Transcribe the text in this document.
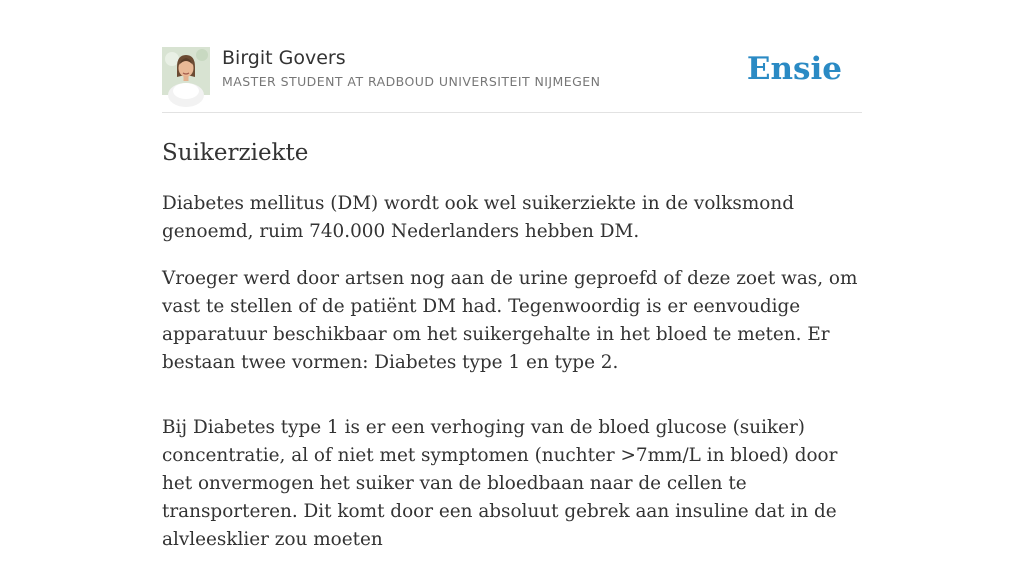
Birgit Govers
MASTER STUDENT AT RADBOUD UNIVERSITEIT NIJMEGEN	Ensie
Suikerziekte

Diabetes mellitus (DM) wordt ook wel suikerziekte in de volksmond genoemd, ruim 740.000 Nederlanders hebben DM.

Vroeger werd door artsen nog aan de urine geproefd of deze zoet was, om vast te stellen of de patiënt DM had. Tegenwoordig is er eenvoudige apparatuur beschikbaar om het suikergehalte in het bloed te meten. Er bestaan twee vormen: Diabetes type 1 en type 2.

Bij Diabetes type 1 is er een verhoging van de bloed glucose (suiker) concentratie, al of niet met symptomen (nuchter >7mm/L in bloed) door het onvermogen het suiker van de bloedbaan naar de cellen te transporteren. Dit komt door een absoluut gebrek aan insuline dat in de alvleesklier zou moeten
